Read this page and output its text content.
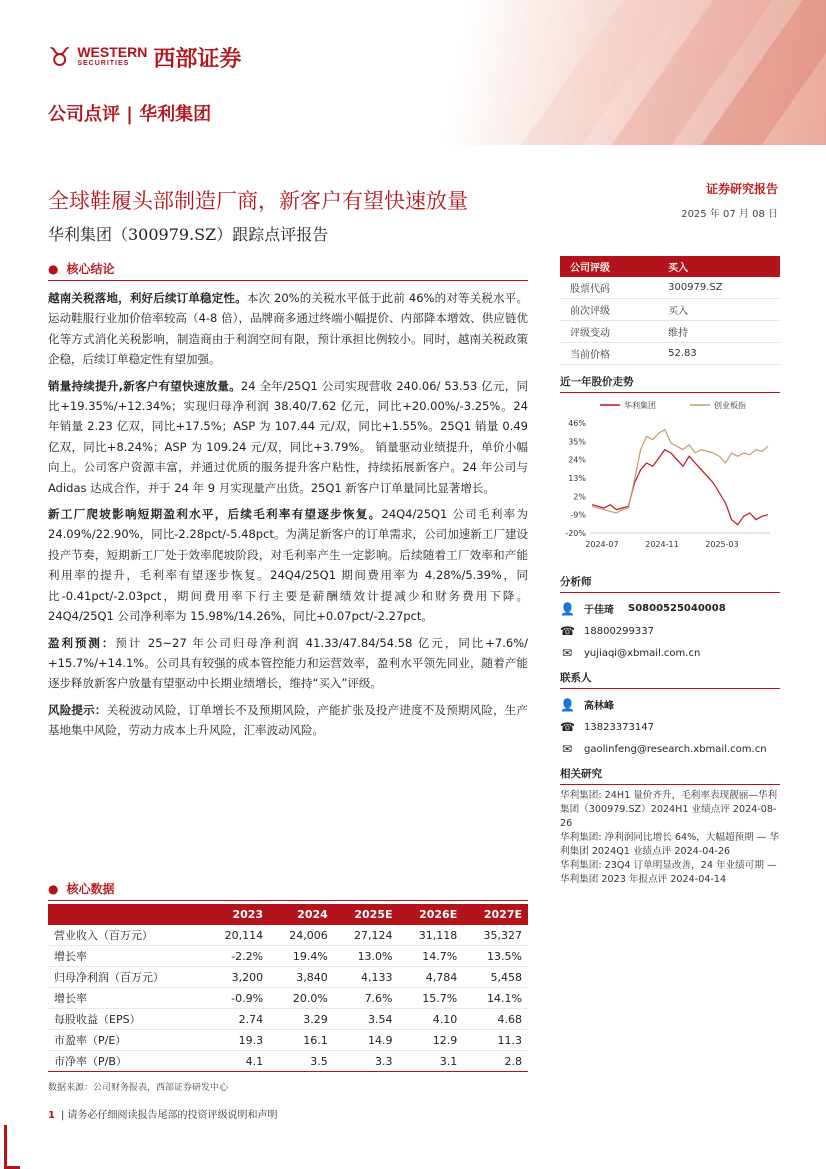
♉ WESTERN
SECURITIES	西部证券
公司点评 | 华利集团
全球鞋履头部制造厂商，新客户有望快速放量
华利集团（300979.SZ）跟踪点评报告
证券研究报告
2025 年 07 月 08 日
● 核心结论

越南关税落地，利好后续订单稳定性。本次 20%的关税水平低于此前 46%的对等关税水平。运动鞋服行业加价倍率较高（4-8 倍），品牌商多通过终端小幅提价、内部降本增效、供应链优化等方式消化关税影响，制造商由于利润空间有限，预计承担比例较小。同时，越南关税政策企稳，后续订单稳定性有望加强。

销量持续提升,新客户有望快速放量。24 全年/25Q1 公司实现营收 240.06/ 53.53 亿元，同比+19.35%/+12.34%；实现归母净利润 38.40/7.62 亿元，同比+20.00%/-3.25%。24 年销量 2.23 亿双，同比+17.5%；ASP 为 107.44 元/双，同比+1.55%。25Q1 销量 0.49 亿双，同比+8.24%；ASP 为 109.24 元/双，同比+3.79%。 销量驱动业绩提升，单价小幅向上。公司客户资源丰富，并通过优质的服务提升客户粘性，持续拓展新客户。24 年公司与 Adidas 达成合作，并于 24 年 9 月实现量产出货。25Q1 新客户订单量同比显著增长。

新工厂爬坡影响短期盈利水平，后续毛利率有望逐步恢复。24Q4/25Q1 公司毛利率为 24.09%/22.90%，同比-2.28pct/-5.48pct。为满足新客户的订单需求，公司加速新工厂建设投产节奏，短期新工厂处于效率爬坡阶段，对毛利率产生一定影响。后续随着工厂效率和产能利用率的提升，毛利率有望逐步恢复。24Q4/25Q1 期间费用率为 4.28%/5.39%，同比-0.41pct/-2.03pct，期间费用率下行主要是薪酬绩效计提减少和财务费用下降。24Q4/25Q1 公司净利率为 15.98%/14.26%，同比+0.07pct/-2.27pct。

盈利预测：预计 25~27 年公司归母净利润 41.33/47.84/54.58 亿元，同比+7.6%/ +15.7%/+14.1%。公司具有较强的成本管控能力和运营效率，盈利水平领先同业，随着产能逐步释放新客户放量有望驱动中长期业绩增长，维持“买入”评级。

风险提示：关税波动风险，订单增长不及预期风险，产能扩张及投产进度不及预期风险，生产基地集中风险，劳动力成本上升风险，汇率波动风险。

公司评级	买入
股票代码	300979.SZ
前次评级	买入
评级变动	维持
当前价格	52.83
近一年股价走势
46%
35%
24%
13%
2%
-9%
-20%
2024-07	2024-11	2025-03
华利集团	创业板指
分析师
👤 于佳琦 S0800525040008
☎ 18800299337
✉ yujiaqi@xbmail.com.cn
联系人
👤 高林峰
☎ 13823373147
✉ gaolinfeng@research.xbmail.com.cn
相关研究

华利集团: 24H1 量价齐升，毛利率表现靓丽—华利集团（300979.SZ）2024H1 业绩点评 2024-08-26

华利集团: 净利润同比增长 64%，大幅超预期 — 华利集团 2024Q1 业绩点评 2024-04-26

华利集团: 23Q4 订单明显改善，24 年业绩可期 —华利集团 2023 年报点评 2024-04-14

● 核心数据
	2023	2024	2025E	2026E	2027E
营业收入（百万元）	20,114	24,006	27,124	31,118	35,327
增长率	-2.2%	19.4%	13.0%	14.7%	13.5%
归母净利润（百万元）	3,200	3,840	4,133	4,784	5,458
增长率	-0.9%	20.0%	7.6%	15.7%	14.1%
每股收益（EPS）	2.74	3.29	3.54	4.10	4.68
市盈率（P/E）	19.3	16.1	14.9	12.9	11.3
市净率（P/B）	4.1	3.5	3.3	3.1	2.8
数据来源：公司财务报表，西部证券研发中心
1 | 请务必仔细阅读报告尾部的投资评级说明和声明
